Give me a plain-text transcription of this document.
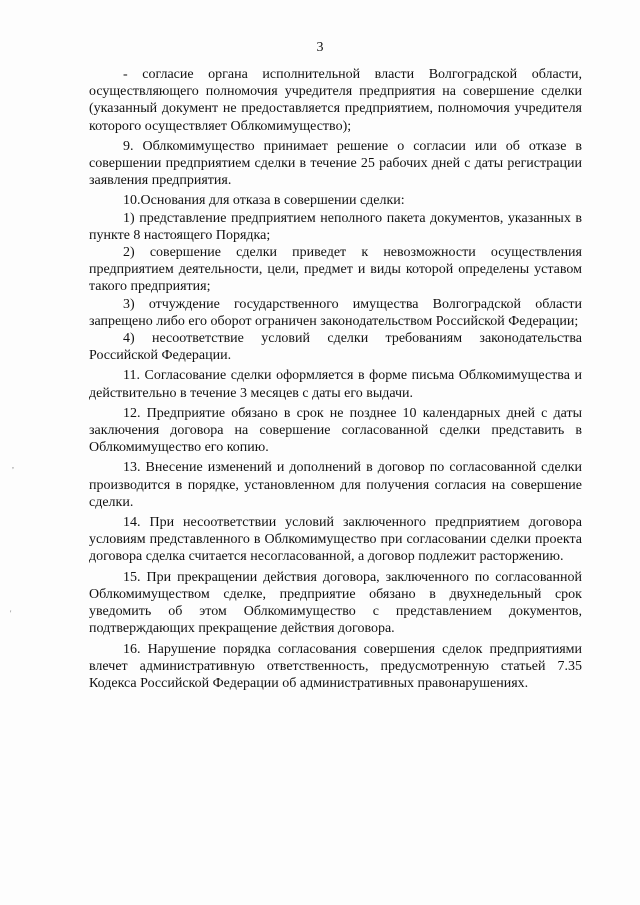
3

- согласие органа исполнительной власти Волгоградской области, осуществляющего полномочия учредителя предприятия на совершение сделки (указанный документ не предоставляется предприятием, полномочия учредителя которого осуществляет Облкомимущество);

9. Облкомимущество принимает решение о согласии или об отказе в совершении предприятием сделки в течение 25 рабочих дней с даты регистрации заявления предприятия.

10.Основания для отказа в совершении сделки:

1) представление предприятием неполного пакета документов, указанных в пункте 8 настоящего Порядка;

2) совершение сделки приведет к невозможности осуществления предприятием деятельности, цели, предмет и виды которой определены уставом такого предприятия;

3) отчуждение государственного имущества Волгоградской области запрещено либо его оборот ограничен законодательством Российской Федерации;

4) несоответствие условий сделки требованиям законодательства Российской Федерации.

11. Согласование сделки оформляется в форме письма Облкомимущества и действительно в течение 3 месяцев с даты его выдачи.

12. Предприятие обязано в срок не позднее 10 календарных дней с даты заключения договора на совершение согласованной сделки представить в Облкомимущество его копию.

13. Внесение изменений и дополнений в договор по согласованной сделки производится в порядке, установленном для получения согласия на совершение сделки.

14. При несоответствии условий заключенного предприятием договора условиям представленного в Облкомимущество при согласовании сделки проекта договора сделка считается несогласованной, а договор подлежит расторжению.

15. При прекращении действия договора, заключенного по согласованной Облкомимуществом сделке, предприятие обязано в двухнедельный срок уведомить об этом Облкомимущество с представлением документов, подтверждающих прекращение действия договора.

16. Нарушение порядка согласования совершения сделок предприятиями влечет административную ответственность, предусмотренную статьей 7.35 Кодекса Российской Федерации об административных правонарушениях.

,
'
